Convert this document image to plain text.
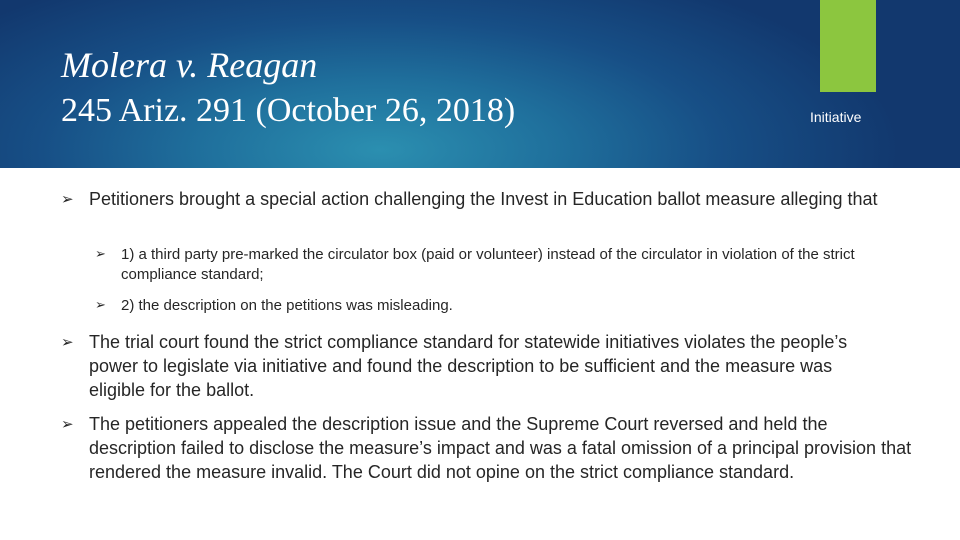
Molera v. Reagan
245 Ariz. 291 (October 26, 2018)	Initiative
➢ Petitioners brought a special action challenging the Invest in Education ballot measure alleging that
➢ 1) a third party pre-marked the circulator box (paid or volunteer) instead of the circulator in violation of the strict compliance standard;
➢ 2) the description on the petitions was misleading.
➢ The trial court found the strict compliance standard for statewide initiatives violates the people’s power to legislate via initiative and found the description to be sufficient and the measure was eligible for the ballot.
➢ The petitioners appealed the description issue and the Supreme Court reversed and held the description failed to disclose the measure’s impact and was a fatal omission of a principal provision that rendered the measure invalid. The Court did not opine on the strict compliance standard.
